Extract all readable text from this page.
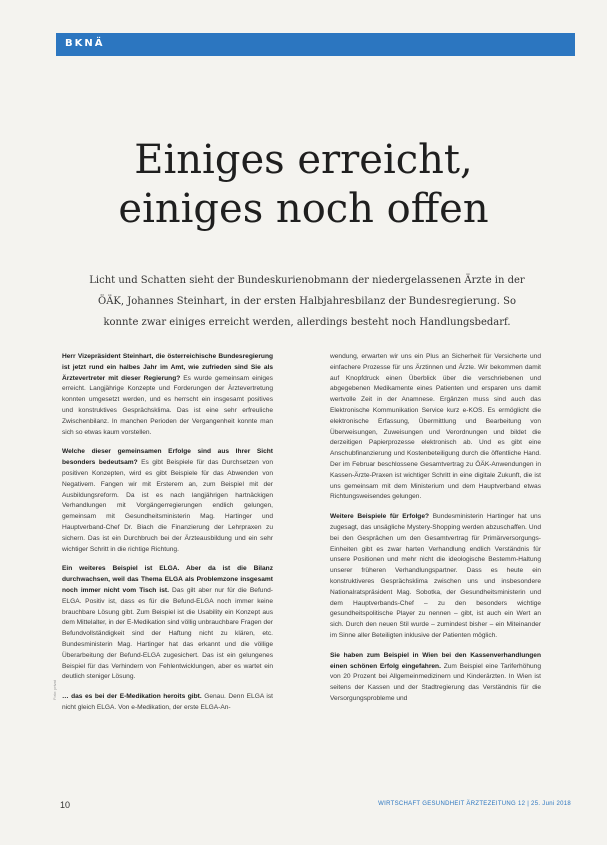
BKNÄ
Einiges erreicht,
einiges noch offen

Licht und Schatten sieht der Bundeskurienobmann der niedergelassenen Ärzte in der ÖÄK, Johannes Steinhart, in der ersten Halbjahresbilanz der Bundesregierung. So konnte zwar einiges erreicht werden, allerdings besteht noch Handlungsbedarf.

Herr Vizepräsident Steinhart, die österreichische Bundesregierung ist jetzt rund ein halbes Jahr im Amt, wie zufrieden sind Sie als Ärztevertreter mit dieser Regierung? Es wurde gemeinsam einiges erreicht. Langjährige Konzepte und Forderungen der Ärztevertretung konnten umgesetzt werden, und es herrscht ein insgesamt positives und konstruktives Gesprächsklima. Das ist eine sehr erfreuliche Zwischenbilanz. In manchen Perioden der Vergangenheit konnte man sich so etwas kaum vorstellen.

Welche dieser gemeinsamen Erfolge sind aus Ihrer Sicht besonders bedeutsam? Es gibt Beispiele für das Durchsetzen von positiven Konzepten, wird es gibt Beispiele für das Abwenden von Negativem. Fangen wir mit Ersterem an, zum Beispiel mit der Ausbildungsreform. Da ist es nach langjährigen hartnäckigen Verhandlungen mit Vorgängerregierungen endlich gelungen, gemeinsam mit Gesundheitsministerin Mag. Hartinger und Hauptverband-Chef Dr. Biach die Finanzierung der Lehrpraxen zu sichern. Das ist ein Durchbruch bei der Ärzteausbildung und ein sehr wichtiger Schritt in die richtige Richtung.

Ein weiteres Beispiel ist ELGA. Aber da ist die Bilanz durchwachsen, weil das Thema ELGA als Problemzone insgesamt noch immer nicht vom Tisch ist. Das gilt aber nur für die Befund-ELGA. Positiv ist, dass es für die Befund-ELGA noch immer keine brauchbare Lösung gibt. Zum Beispiel ist die Usability ein Konzept aus dem Mittelalter, in der E-Medikation sind völlig unbrauchbare Fragen der Befundvollständigkeit sind der Haftung nicht zu klären, etc. Bundesministerin Mag. Hartinger hat das erkannt und die völlige Überarbeitung der Befund-ELGA zugesichert. Das ist ein gelungenes Beispiel für das Verhindern von Fehlentwicklungen, aber es wartet ein deutlich steniger Lösung.

… das es bei der E-Medikation heroits gibt. Genau. Denn ELGA ist nicht gleich ELGA. Von e-Medikation, der erste ELGA-An-

wendung, erwarten wir uns ein Plus an Sicherheit für Versicherte und einfachere Prozesse für uns Ärztinnen und Ärzte. Wir bekommen damit auf Knopfdruck einen Überblick über die verschriebenen und abgegebenen Medikamente eines Patienten und ersparen uns damit wertvolle Zeit in der Anamnese. Ergänzen muss sind auch das Elektronische Kommunikation Service kurz e-KOS. Es ermöglicht die elektronische Erfassung, Übermittlung und Bearbeitung von Überweisungen, Zuweisungen und Verordnungen und bildet die derzeitigen Papierprozesse elektronisch ab. Und es gibt eine Anschubfinanzierung und Kostenbeteiligung durch die öffentliche Hand. Der im Februar beschlossene Gesamtvertrag zu ÖÄK-Anwendungen in Kassen-Ärzte-Praxen ist wichtiger Schritt in eine digitale Zukunft, die ist uns gemeinsam mit dem Ministerium und dem Hauptverband etwas Richtungsweisendes gelungen.

Weitere Beispiele für Erfolge? Bundesministerin Hartinger hat uns zugesagt, das unsägliche Mystery-Shopping werden abzuschaffen. Und bei den Gesprächen um den Gesamtvertrag für Primärversorgungs-Einheiten gibt es zwar harten Verhandlung endlich Verständnis für unsere Positionen und mehr nicht die ideologische Bestemm-Haltung unserer früheren Verhandlungspartner. Dass es heute ein konstruktiveres Gesprächsklima zwischen uns und insbesondere Nationalratspräsident Mag. Sobotka, der Gesundheitsministerin und dem Hauptverbands-Chef – zu den besonders wichtige gesundheitspolitische Player zu nennen – gibt, ist auch ein Wert an sich. Durch den neuen Stil wurde – zumindest bisher – ein Miteinander im Sinne aller Beteiligten inklusive der Patienten möglich.

Sie haben zum Beispiel in Wien bei den Kassenverhandlungen einen schönen Erfolg eingefahren. Zum Beispiel eine Tariferhöhung von 20 Prozent bei Allgemeinmedizinern und Kinderärzten. In Wien ist seitens der Kassen und der Stadtregierung das Verständnis für die Versorgungsprobleme und

Foto: privat
10	WIRTSCHAFT GESUNDHEIT ÄRZTEZEITUNG 12 | 25. Juni 2018
